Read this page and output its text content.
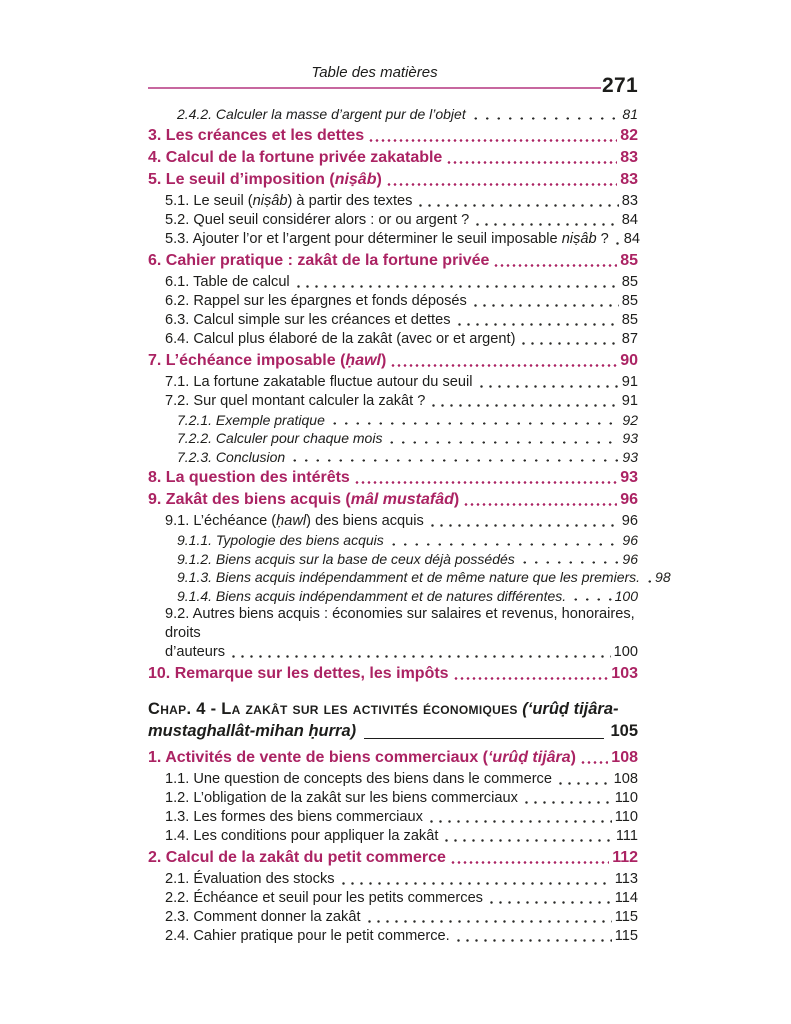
Table des matières
271
2.4.2. Calculer la masse d’argent pur de l’objet	81
3. Les créances et les dettes	82
4. Calcul de la fortune privée zakatable	83
5. Le seuil d’imposition (niṣâb)	83
5.1. Le seuil (niṣâb) à partir des textes	83
5.2. Quel seuil considérer alors : or ou argent ?	84
5.3. Ajouter l’or et l’argent pour déterminer le seuil imposable niṣâb ? 84
6. Cahier pratique : zakât de la fortune privée	85
6.1. Table de calcul	85
6.2. Rappel sur les épargnes et fonds déposés	85
6.3. Calcul simple sur les créances et dettes	85
6.4. Calcul plus élaboré de la zakât (avec or et argent)	87
7. L’échéance imposable (ḥawl)	90
7.1. La fortune zakatable fluctue autour du seuil	91
7.2. Sur quel montant calculer la zakât ?	91
7.2.1. Exemple pratique	92
7.2.2. Calculer pour chaque mois	93
7.2.3. Conclusion	93
8. La question des intérêts	93
9. Zakât des biens acquis (mâl mustafâd)	96
9.1. L’échéance (ḥawl) des biens acquis	96
9.1.1. Typologie des biens acquis	96
9.1.2. Biens acquis sur la base de ceux déjà possédés	96
9.1.3. Biens acquis indépendamment et de même nature que les premiers. 98
9.1.4. Biens acquis indépendamment et de natures différentes.	100
9.2. Autres biens acquis : économies sur salaires et revenus, honoraires, droits
d’auteurs	100
10. Remarque sur les dettes, les impôts	103
Chap. 4 - La zakât sur les activités économiques (‘urûḍ tijâra-
mustaghallât-mihan ḥurra)	105
1. Activités de vente de biens commerciaux (‘urûḍ tijâra) 108
1.1. Une question de concepts des biens dans le commerce	108
1.2. L’obligation de la zakât sur les biens commerciaux	110
1.3. Les formes des biens commerciaux	110
1.4. Les conditions pour appliquer la zakât	111
2. Calcul de la zakât du petit commerce	112
2.1. Évaluation des stocks	113
2.2. Échéance et seuil pour les petits commerces	114
2.3. Comment donner la zakât	115
2.4. Cahier pratique pour le petit commerce.	115
